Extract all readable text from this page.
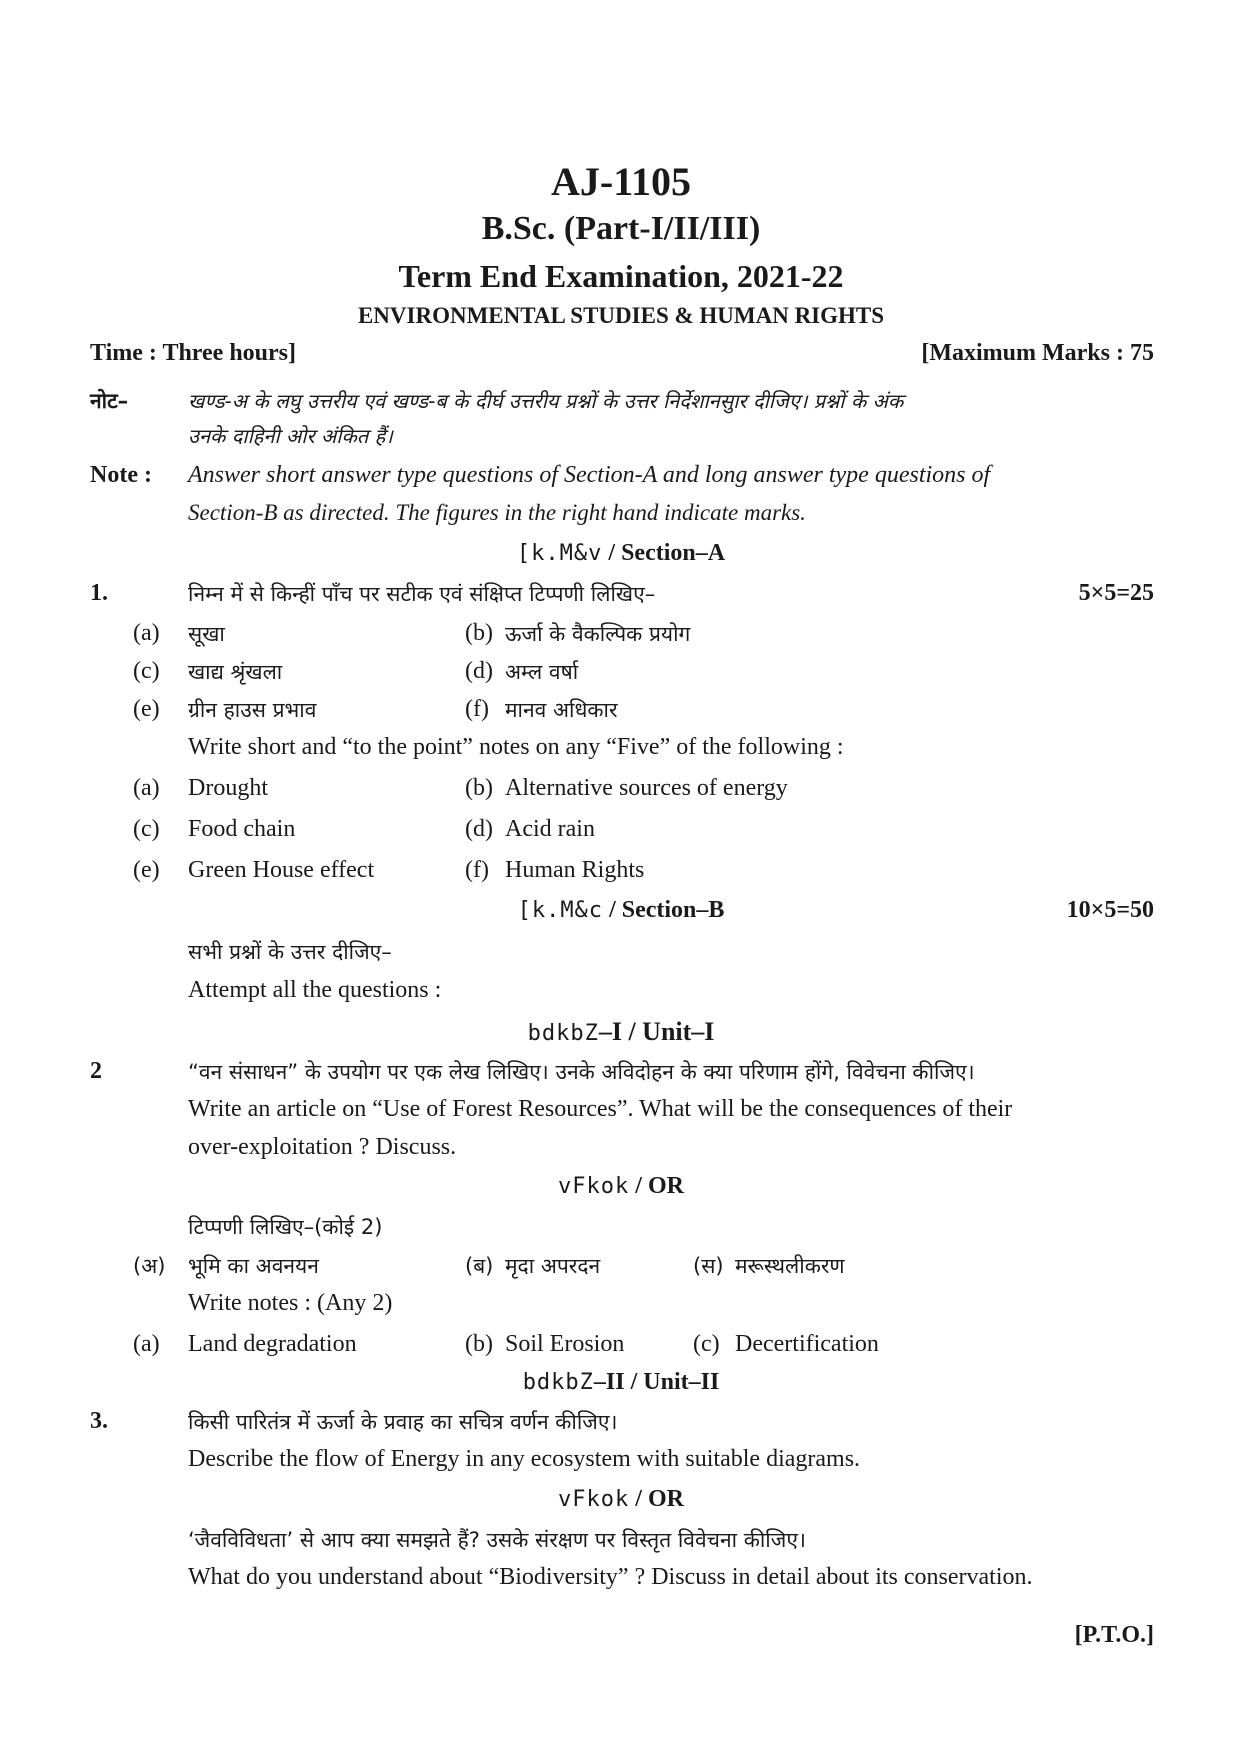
AJ-1105
B.Sc. (Part-I/II/III)
Term End Examination, 2021-22
ENVIRONMENTAL STUDIES & HUMAN RIGHTS
Time : Three hours]	[Maximum Marks : 75
नोट–	खण्ड-अ के लघु उत्तरीय एवं खण्ड-ब के दीर्घ उत्तरीय प्रश्नों के उत्तर निर्देशानसुार दीजिए। प्रश्नों के अंक
उनके दाहिनी ओर अंकित हैं।
Note : Answer short answer type questions of Section-A and long answer type questions of
Section-B as directed. The figures in the right hand indicate marks.
[k.M&v / Section–A
1.	निम्न में से किन्हीं पाँच पर सटीक एवं संक्षिप्त टिप्पणी लिखिए–	5×5=25
(a) सूखा	(b) ऊर्जा के वैकल्पिक प्रयोग
(c) खाद्य श्रृंखला	(d) अम्ल वर्षा
(e) ग्रीन हाउस प्रभाव	(f) मानव अधिकार
Write short and “to the point” notes on any “Five” of the following :
(a) Drought	(b) Alternative sources of energy
(c) Food chain	(d) Acid rain
(e) Green House effect	(f) Human Rights
[k.M&c / Section–B	10×5=50
सभी प्रश्नों के उत्तर दीजिए–
Attempt all the questions :
bdkbZ–I / Unit–I
2	“वन संसाधन” के उपयोग पर एक लेख लिखिए। उनके अविदोहन के क्या परिणाम होंगे, विवेचना कीजिए।
Write an article on “Use of Forest Resources”. What will be the consequences of their
over-exploitation ? Discuss.
vFkok / OR
टिप्पणी लिखिए–(कोई 2)
(अ) भूमि का अवनयन	(ब) मृदा अपरदन	(स) मरूस्थलीकरण
Write notes : (Any 2)
(a) Land degradation	(b) Soil Erosion	(c) Decertification
bdkbZ–II / Unit–II
3.	किसी पारितंत्र में ऊर्जा के प्रवाह का सचित्र वर्णन कीजिए।
Describe the flow of Energy in any ecosystem with suitable diagrams.
vFkok / OR
‘जैवविविधता’ से आप क्या समझते हैं? उसके संरक्षण पर विस्तृत विवेचना कीजिए।
What do you understand about “Biodiversity” ? Discuss in detail about its conservation.
[P.T.O.]
